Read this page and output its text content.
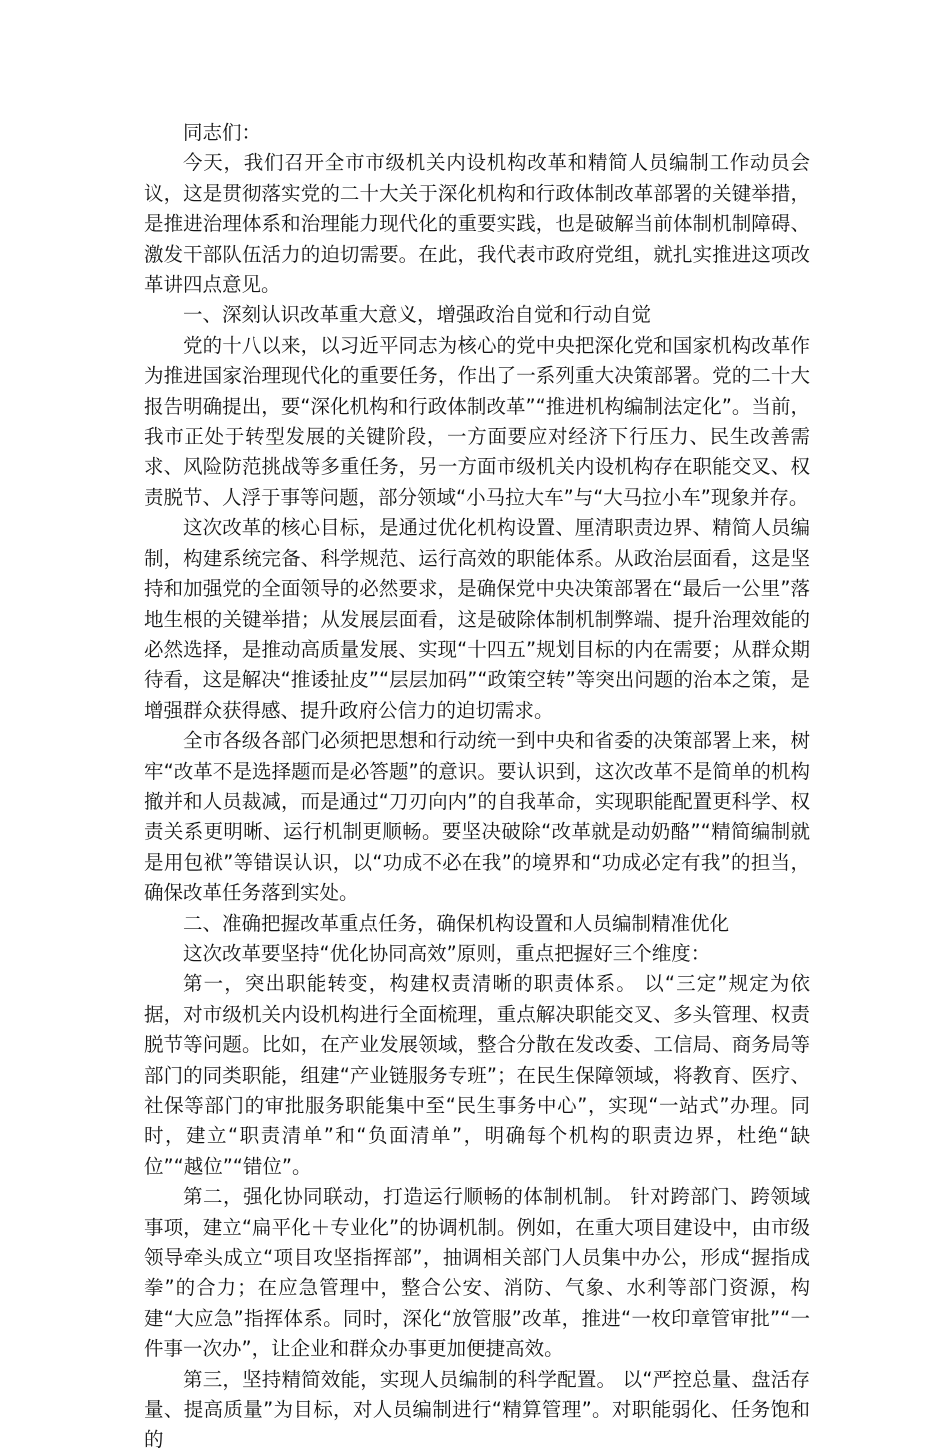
同志们：

今天，我们召开全市市级机关内设机构改革和精简人员编制工作动员会议，这是贯彻落实党的二十大关于深化机构和行政体制改革部署的关键举措，是推进治理体系和治理能力现代化的重要实践，也是破解当前体制机制障碍、激发干部队伍活力的迫切需要。在此，我代表市政府党组，就扎实推进这项改革讲四点意见。

一、深刻认识改革重大意义，增强政治自觉和行动自觉

党的十八以来，以习近平同志为核心的党中央把深化党和国家机构改革作为推进国家治理现代化的重要任务，作出了一系列重大决策部署。党的二十大报告明确提出，要“深化机构和行政体制改革”“推进机构编制法定化”。当前，我市正处于转型发展的关键阶段，一方面要应对经济下行压力、民生改善需求、风险防范挑战等多重任务，另一方面市级机关内设机构存在职能交叉、权责脱节、人浮于事等问题，部分领域“小马拉大车”与“大马拉小车”现象并存。

这次改革的核心目标，是通过优化机构设置、厘清职责边界、精简人员编制，构建系统完备、科学规范、运行高效的职能体系。从政治层面看，这是坚持和加强党的全面领导的必然要求，是确保党中央决策部署在“最后一公里”落地生根的关键举措；从发展层面看，这是破除体制机制弊端、提升治理效能的必然选择，是推动高质量发展、实现“十四五”规划目标的内在需要；从群众期待看，这是解决“推诿扯皮”“层层加码”“政策空转”等突出问题的治本之策，是增强群众获得感、提升政府公信力的迫切需求。

全市各级各部门必须把思想和行动统一到中央和省委的决策部署上来，树牢“改革不是选择题而是必答题”的意识。要认识到，这次改革不是简单的机构撤并和人员裁减，而是通过“刀刃向内”的自我革命，实现职能配置更科学、权责关系更明晰、运行机制更顺畅。要坚决破除“改革就是动奶酪”“精简编制就是用包袱”等错误认识，以“功成不必在我”的境界和“功成必定有我”的担当，确保改革任务落到实处。

二、准确把握改革重点任务，确保机构设置和人员编制精准优化

这次改革要坚持“优化协同高效”原则，重点把握好三个维度：

第一，突出职能转变，构建权责清晰的职责体系。 以“三定”规定为依据，对市级机关内设机构进行全面梳理，重点解决职能交叉、多头管理、权责脱节等问题。比如，在产业发展领域，整合分散在发改委、工信局、商务局等部门的同类职能，组建“产业链服务专班”；在民生保障领域，将教育、医疗、社保等部门的审批服务职能集中至“民生事务中心”，实现“一站式”办理。同时，建立“职责清单”和“负面清单”，明确每个机构的职责边界，杜绝“缺位”“越位”“错位”。

第二，强化协同联动，打造运行顺畅的体制机制。 针对跨部门、跨领域事项，建立“扁平化＋专业化”的协调机制。例如，在重大项目建设中，由市级领导牵头成立“项目攻坚指挥部”，抽调相关部门人员集中办公，形成“握指成拳”的合力；在应急管理中，整合公安、消防、气象、水利等部门资源，构建“大应急”指挥体系。同时，深化“放管服”改革，推进“一枚印章管审批”“一件事一次办”，让企业和群众办事更加便捷高效。

第三，坚持精简效能，实现人员编制的科学配置。 以“严控总量、盘活存量、提高质量”为目标，对人员编制进行“精算管理”。对职能弱化、任务饱和的
